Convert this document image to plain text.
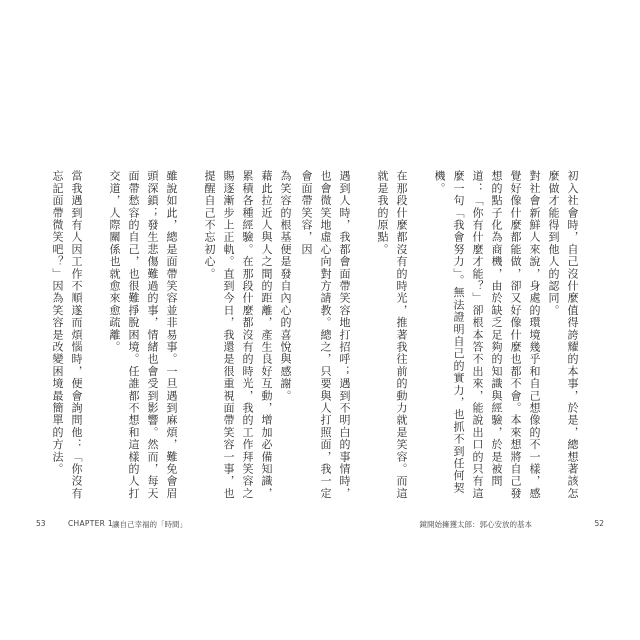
初入社會時，自己沒什麼值得誇耀的本事，於是，總想著該怎麼做才能得到他人的認同。

對社會新鮮人來說，身處的環境幾乎和自己想像的不一樣，感覺好像什麼都能做，卻又好像什麼也都不會。本來想將自己發想的點子化為商機，由於缺乏足夠的知識與經驗，於是被問道：「你有什麼才能？」卻根本答不出來，能說出口的只有這麼一句「我會努力」。無法證明自己的實力，也抓不到任何契機。

在那段什麼都沒有的時光，推著我往前的動力就是笑容。而這就是我的原點。

遇到人時，我都會面帶笑容地打招呼；遇到不明白的事情時，也會微笑地虛心向對方請教。總之，只要與人打照面，我一定會面帶笑容，因

為笑容的根基便是發自內心的喜悅與感謝。

藉此拉近人與人之間的距離，產生良好互動，增加必備知識，累積各種經驗。在那段什麼都沒有的時光，我的工作拜笑容之賜逐漸步上正軌。直到今日，我還是很重視面帶笑容一事，也提醒自己不忘初心。

雖說如此，總是面帶笑容並非易事。一旦遇到麻煩，難免會眉頭深鎖；發生悲傷難過的事，情緒也會受到影響。然而，每天面帶愁容的自己，也很難掙脫困境。任誰都不想和這樣的人打交道，人際關係也就愈來愈疏離。

當我遇到有人因工作不順遂而煩惱時，便會詢問他：「你沒有忘記面帶微笑吧？」因為笑容是改變困境最簡單的方法。

53	CHAPTER 1 讓自己幸福的「時間」	鏡開始擁獲太郎：郭心安放的基本	52
